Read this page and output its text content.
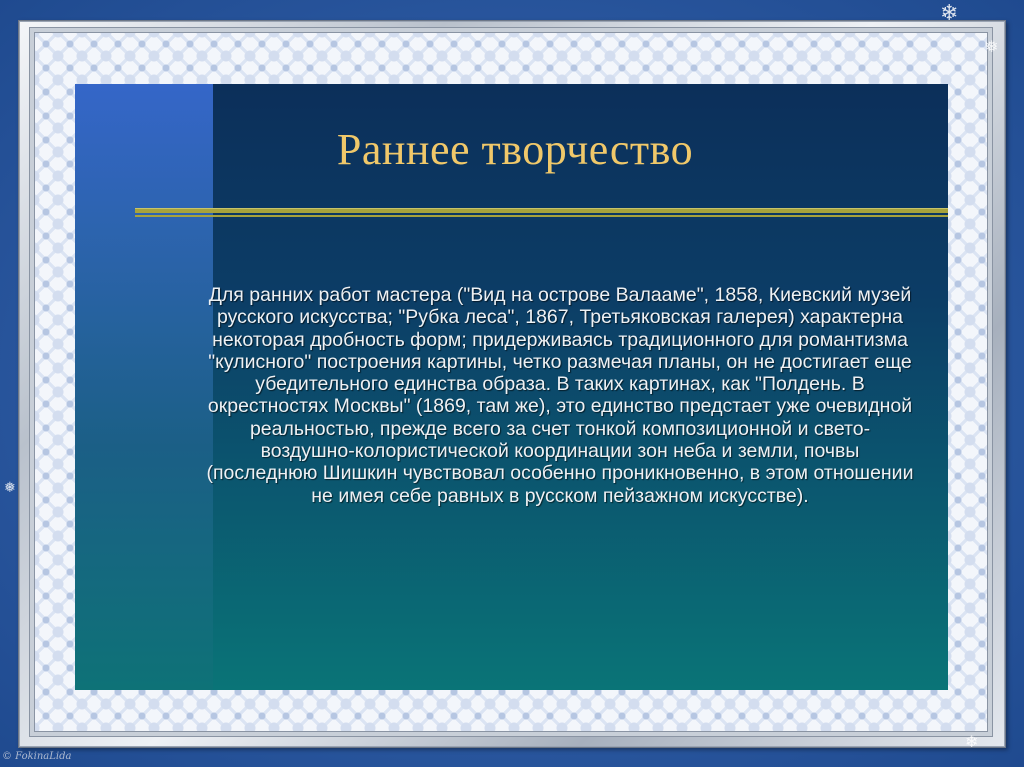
Раннее творчество

Для ранних работ мастера ("Вид на острове Валааме", 1858, Киевский музей русского искусства; "Рубка леса", 1867, Третьяковская галерея) характерна некоторая дробность форм; придерживаясь традиционного для романтизма "кулисного" построения картины, четко размечая планы, он не достигает еще убедительного единства образа. В таких картинах, как "Полдень. В окрестностях Москвы" (1869, там же), это единство предстает уже очевидной реальностью, прежде всего за счет тонкой композиционной и свето-воздушно-колористической координации зон неба и земли, почвы (последнюю Шишкин чувствовал особенно проникновенно, в этом отношении не имея себе равных в русском пейзажном искусстве).

❄
❅
❄
❅
© FokinaLida
